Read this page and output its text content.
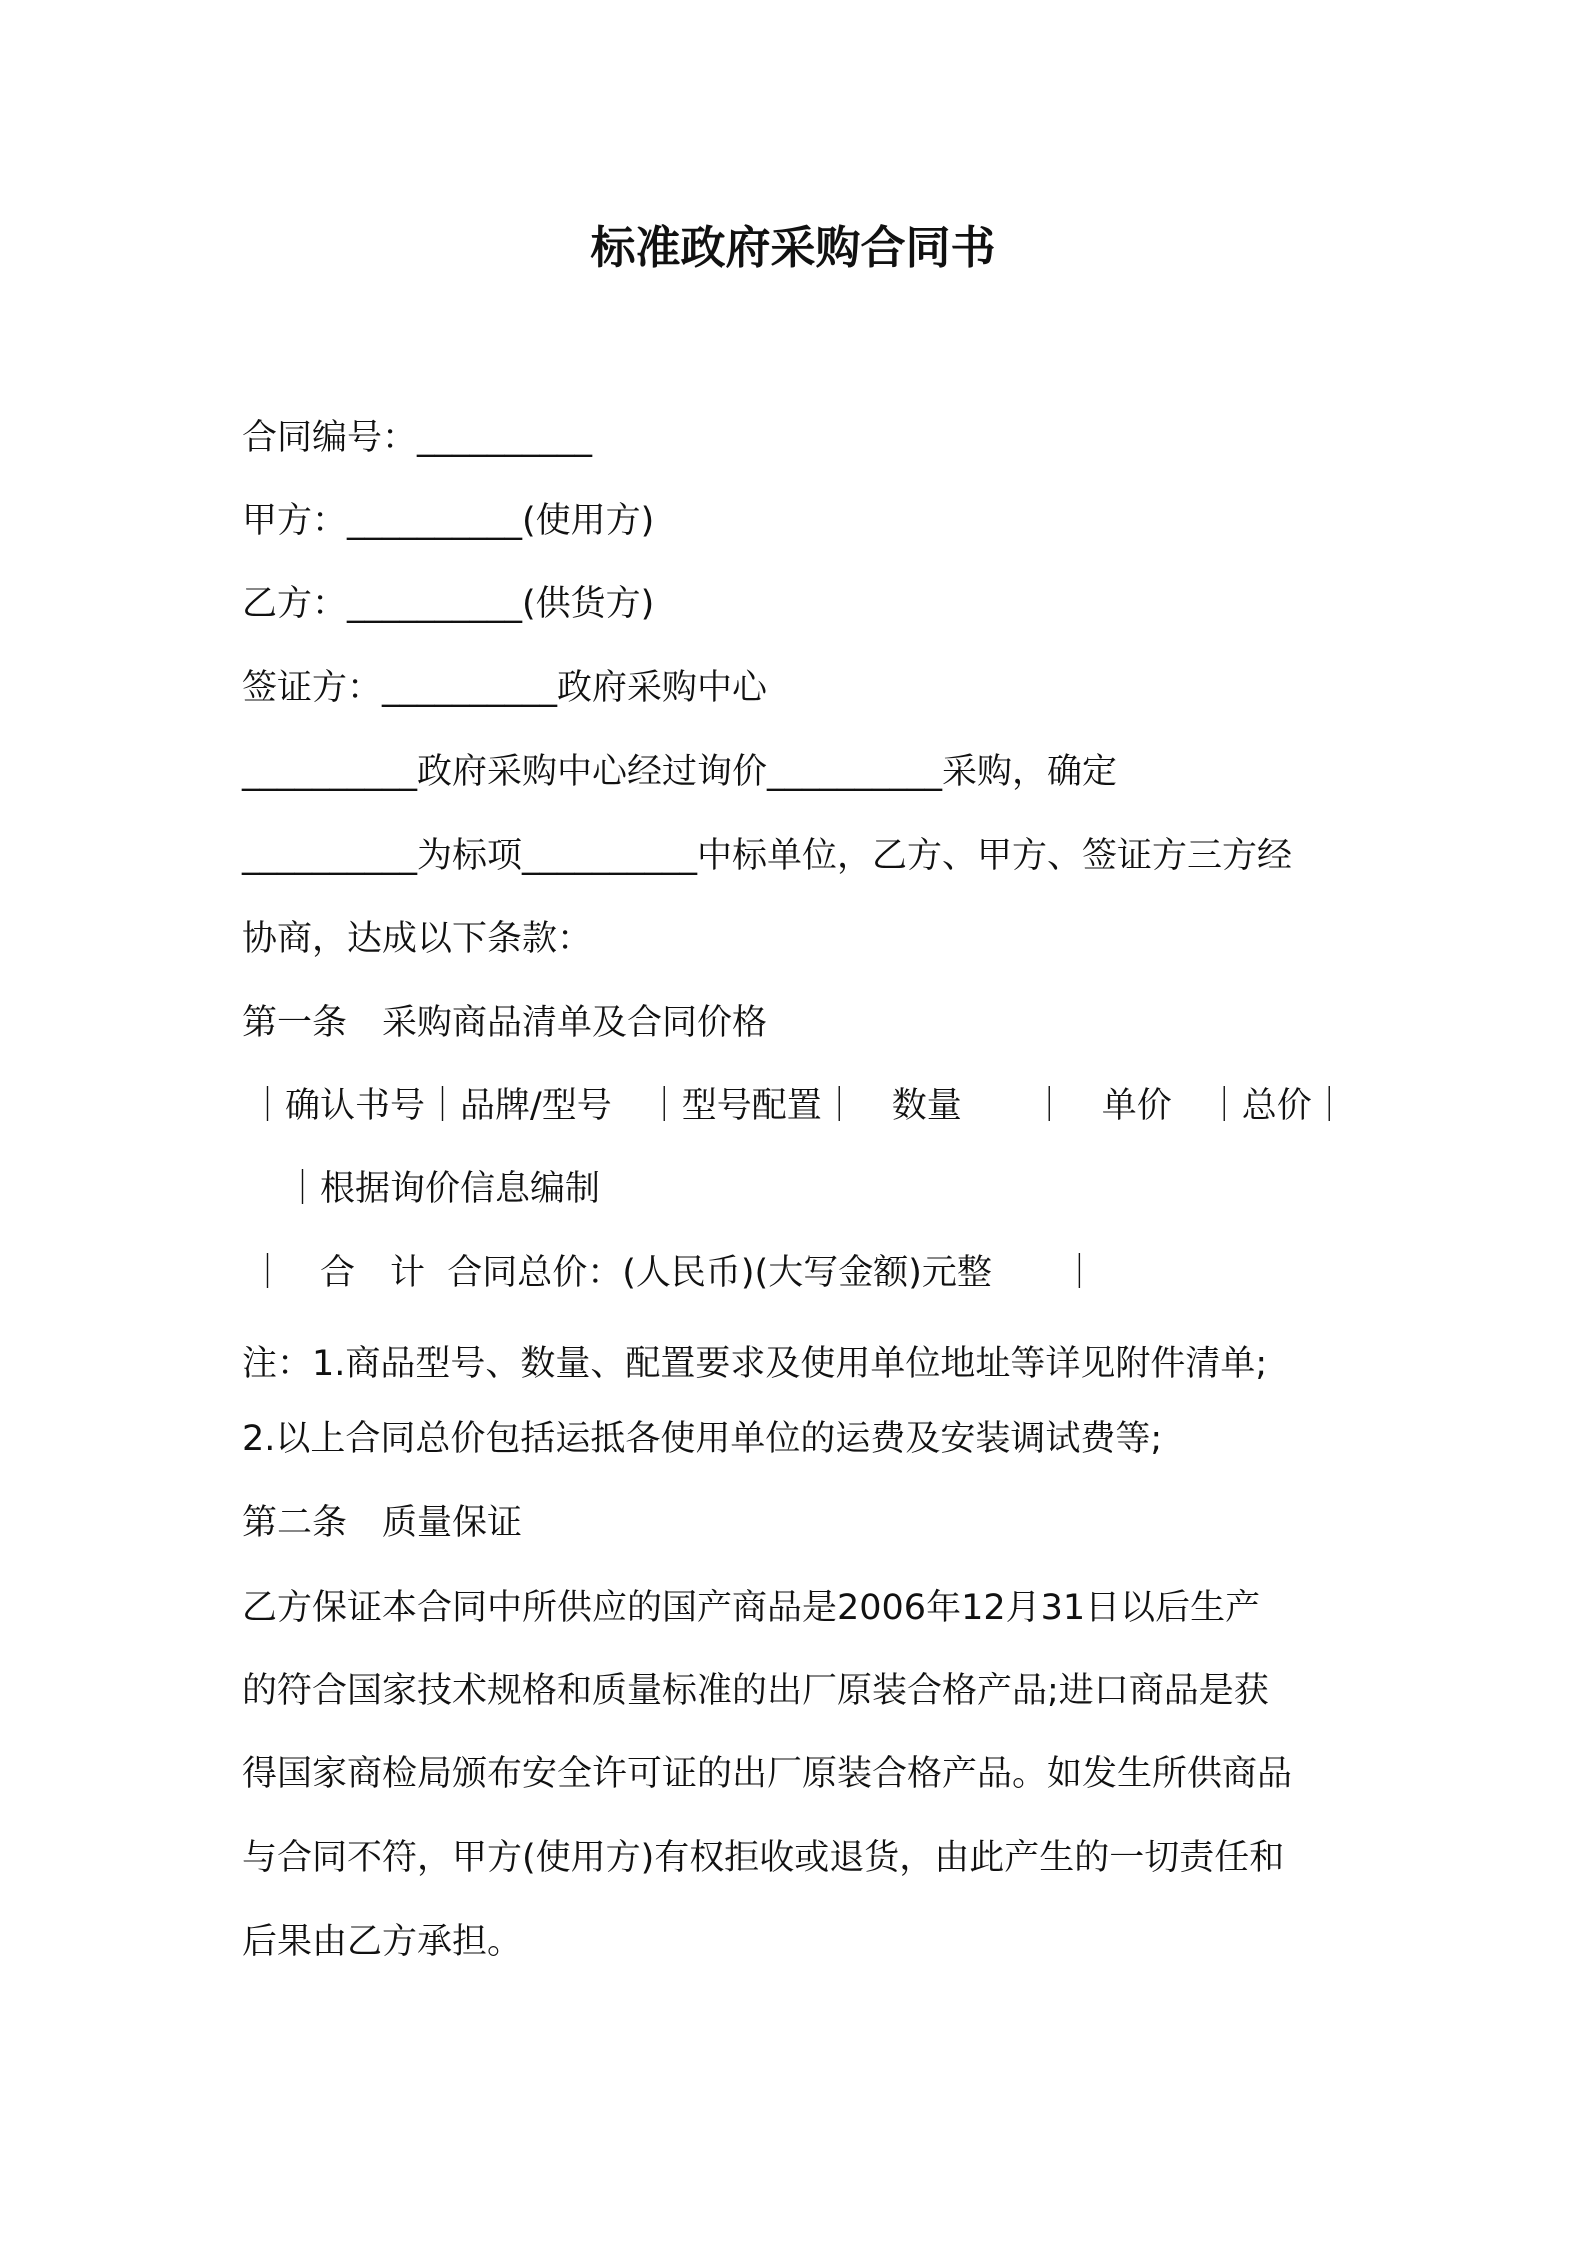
标准政府采购合同书

合同编号：__________

甲方：__________(使用方)

乙方：__________(供货方)

签证方：__________政府采购中心

__________政府采购中心经过询价__________采购，确定

__________为标项__________中标单位，乙方、甲方、签证方三方经

协商，达成以下条款：

第一条　采购商品清单及合同价格

｜确认书号｜品牌/型号　｜型号配置｜　数量　　｜　单价　｜总价｜

　｜根据询价信息编制

｜　合　计  合同总价：(人民币)(大写金额)元整　　｜

注：1.商品型号、数量、配置要求及使用单位地址等详见附件清单;

2.以上合同总价包括运抵各使用单位的运费及安装调试费等;

第二条　质量保证

乙方保证本合同中所供应的国产商品是2006年12月31日以后生产

的符合国家技术规格和质量标准的出厂原装合格产品;进口商品是获

得国家商检局颁布安全许可证的出厂原装合格产品。如发生所供商品

与合同不符，甲方(使用方)有权拒收或退货，由此产生的一切责任和

后果由乙方承担。
